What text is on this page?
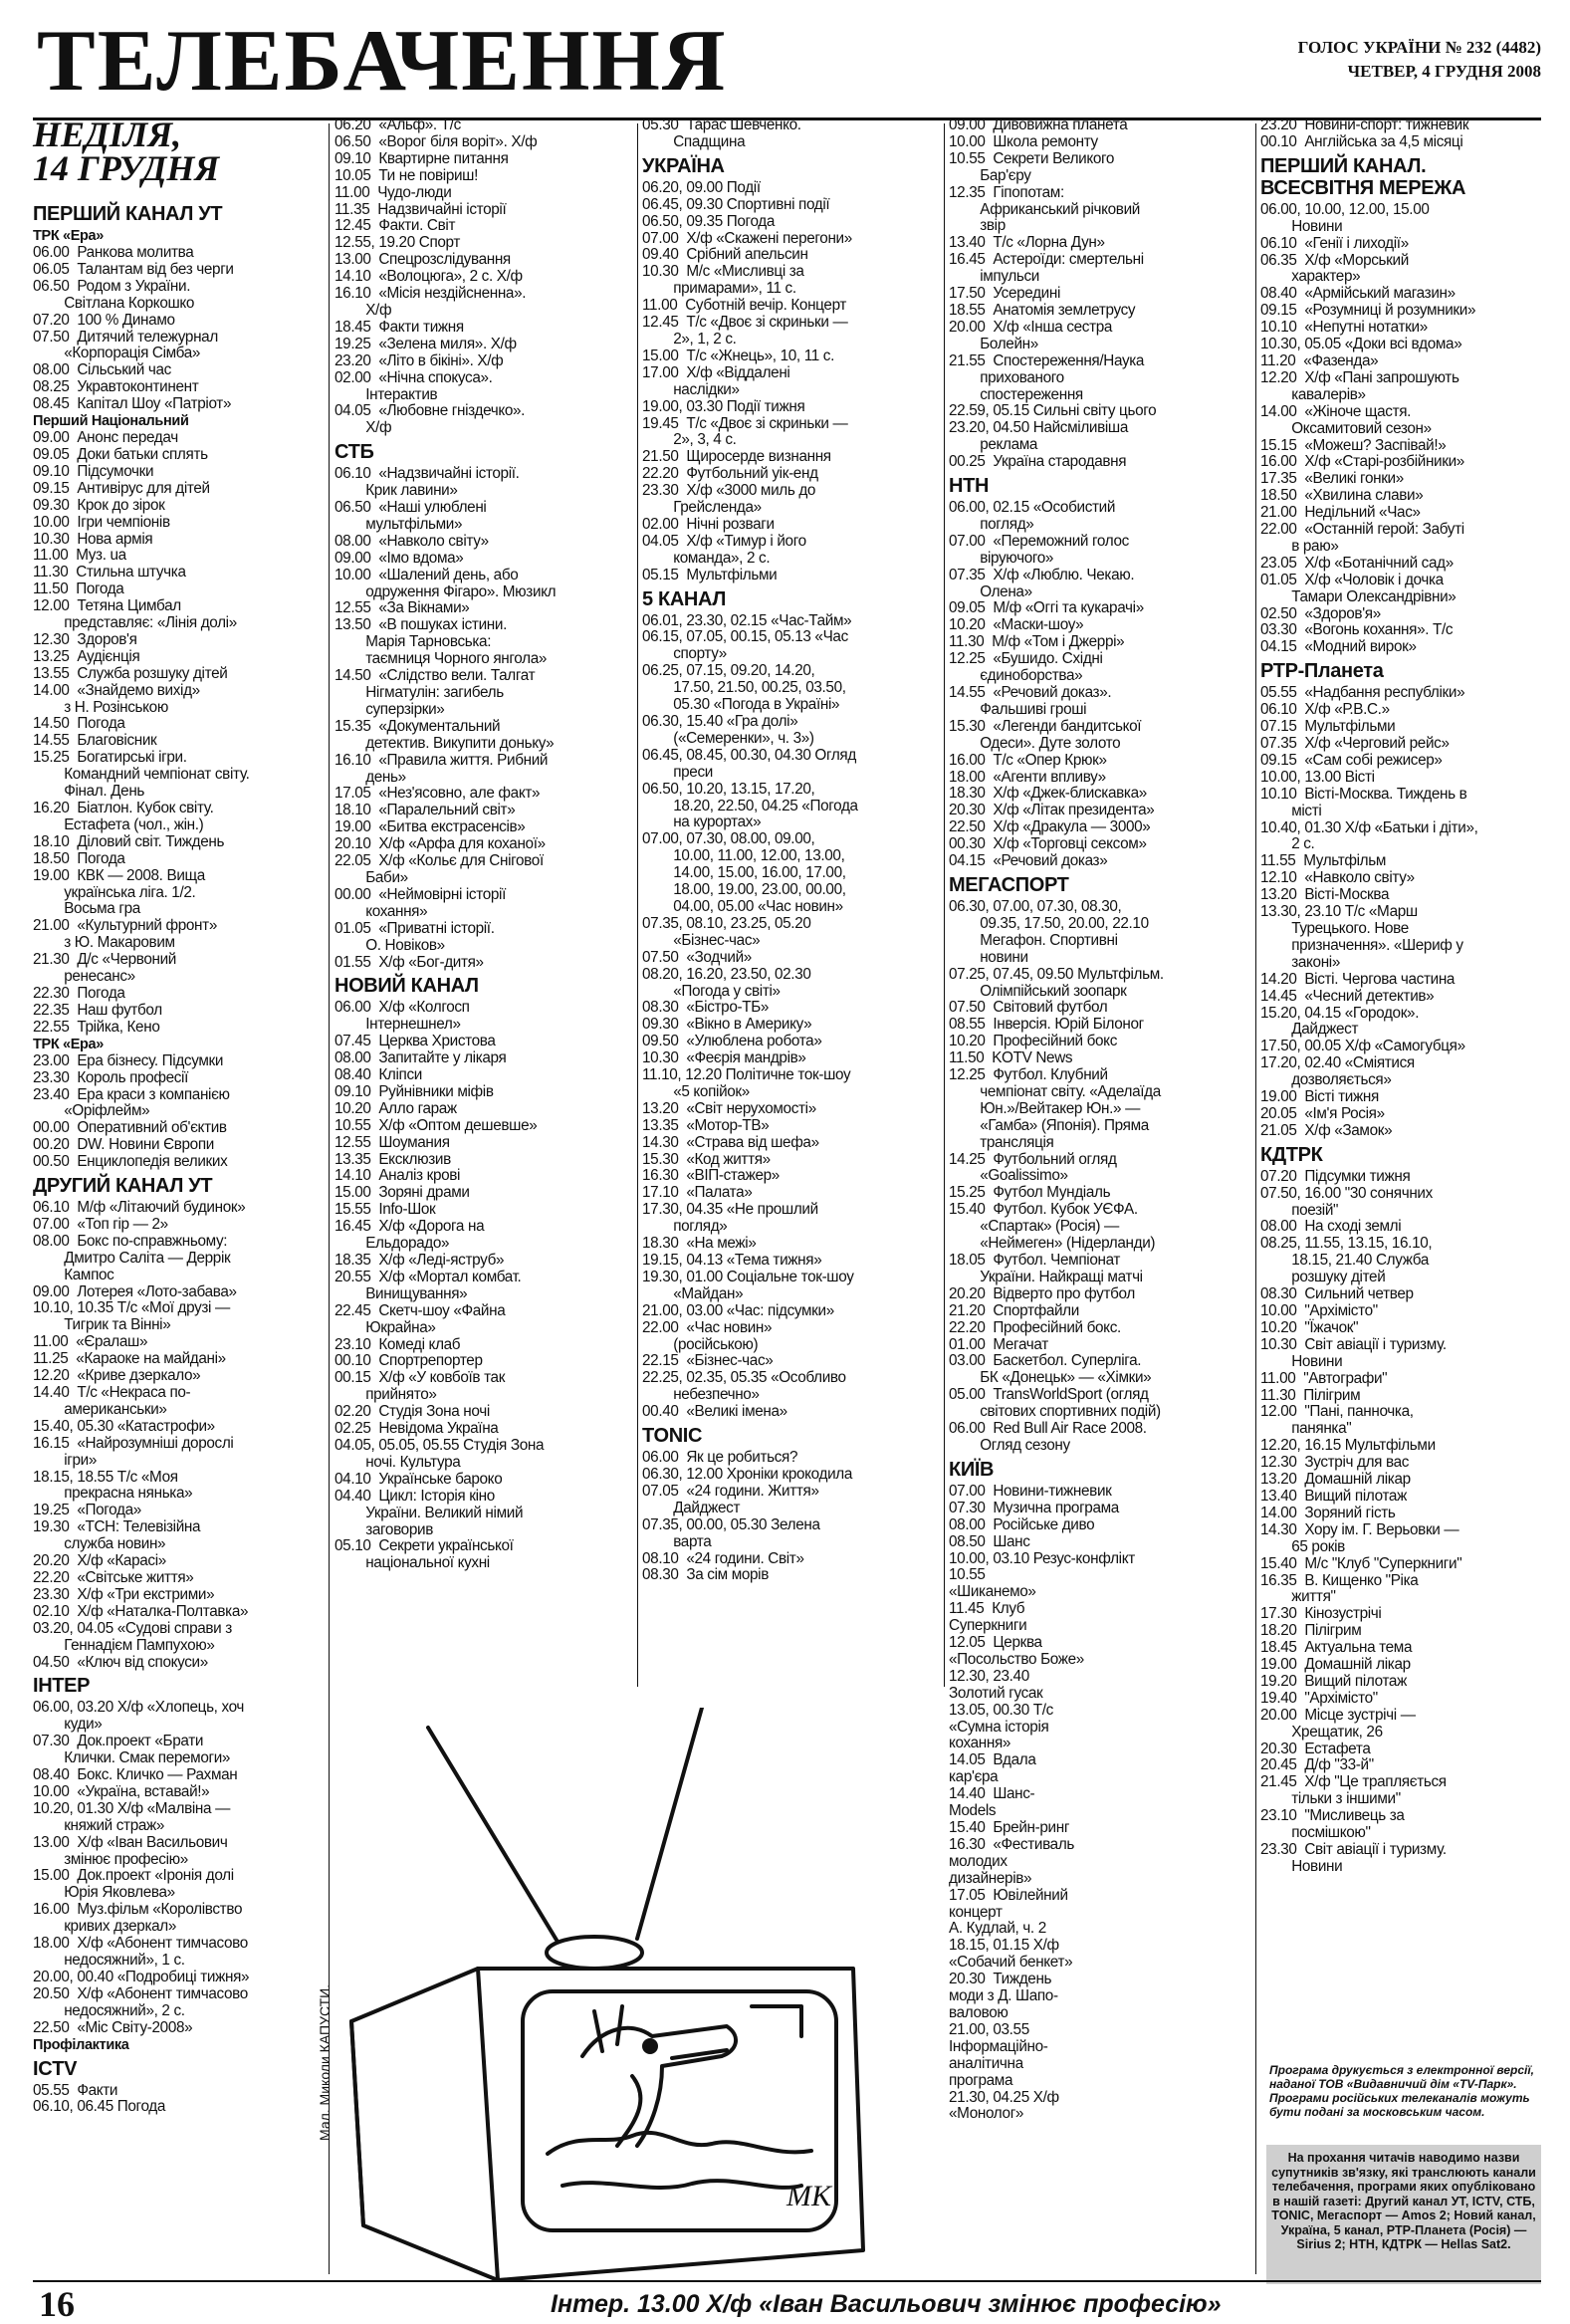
ТЕЛЕБАЧЕННЯ	ГОЛОС УКРАЇНИ № 232 (4482)
ЧЕТВЕР, 4 ГРУДНЯ 2008
НЕДІЛЯ,
14 ГРУДНЯ
ПЕРШИЙ КАНАЛ УТ
ТРК «Ера»
06.00  Ранкова молитва
06.05  Талантам від без черги
06.50  Родом з України.
Світлана Коркошко
07.20  100 % Динамо
07.50  Дитячий тележурнал
«Корпорація Сімба»
08.00  Сільський час
08.25  Укравтоконтинент
08.45  Капітал Шоу «Патріот»
Перший Національний
09.00  Анонс передач
09.05  Доки батьки сплять
09.10  Підсумочки
09.15  Антивірус для дітей
09.30  Крок до зірок
10.00  Ігри чемпіонів
10.30  Нова армія
11.00  Муз. ua
11.30  Стильна штучка
11.50  Погода
12.00  Тетяна Цимбал
представляє: «Лінія долі»
12.30  Здоров'я
13.25  Аудієнція
13.55  Служба розшуку дітей
14.00  «Знайдемо вихід»
з Н. Розінською
14.50  Погода
14.55  Благовісник
15.25  Богатирські ігри.
Командний чемпіонат світу.
Фінал. День
16.20  Біатлон. Кубок світу.
Естафета (чол., жін.)
18.10  Діловий світ. Тиждень
18.50  Погода
19.00  КВК — 2008. Вища
українська ліга. 1/2.
Восьма гра
21.00  «Культурний фронт»
з Ю. Макаровим
21.30  Д/с «Червоний
ренесанс»
22.30  Погода
22.35  Наш футбол
22.55  Трійка, Кено
ТРК «Ера»
23.00  Ера бізнесу. Підсумки
23.30  Король професії
23.40  Ера краси з компанією
«Оріфлейм»
00.00  Оперативний об'єктив
00.20  DW. Новини Європи
00.50  Енциклопедія великих
ДРУГИЙ КАНАЛ УТ
06.10  М/ф «Літаючий будинок»
07.00  «Топ гір — 2»
08.00  Бокс по-справжньому:
Дмитро Саліта — Деррік
Кампос
09.00  Лотерея «Лото-забава»
10.10, 10.35 Т/с «Мої друзі —
Тигрик та Вінні»
11.00  «Єралаш»
11.25  «Караоке на майдані»
12.20  «Криве дзеркало»
14.40  Т/с «Некраса по-
американськи»
15.40, 05.30 «Катастрофи»
16.15  «Найрозумніші дорослі
ігри»
18.15, 18.55 Т/с «Моя
прекрасна нянька»
19.25  «Погода»
19.30  «ТСН: Телевізійна
служба новин»
20.20  Х/ф «Карасі»
22.20  «Світське життя»
23.30  Х/ф «Три екстрими»
02.10  Х/ф «Наталка-Полтавка»
03.20, 04.05 «Судові справи з
Геннадієм Пампухою»
04.50  «Ключ від спокуси»
ІНТЕР
06.00, 03.20 Х/ф «Хлопець, хоч
куди»
07.30  Док.проект «Брати
Клички. Смак перемоги»
08.40  Бокс. Кличко — Рахман
10.00  «Україна, вставай!»
10.20, 01.30 Х/ф «Малвіна —
княжий страж»
13.00  Х/ф «Іван Васильович
змінює професію»
15.00  Док.проект «Іронія долі
Юрія Яковлева»
16.00  Муз.фільм «Королівство
кривих дзеркал»
18.00  Х/ф «Абонент тимчасово
недосяжний», 1 с.
20.00, 00.40 «Подробиці тижня»
20.50  Х/ф «Абонент тимчасово
недосяжний», 2 с.
22.50  «Міс Світу-2008»
Профілактика
ICTV
05.55  Факти
06.10, 06.45 Погода
06.20  «Альф». Т/с
06.50  «Ворог біля воріт». Х/ф
09.10  Квартирне питання
10.05  Ти не повіриш!
11.00  Чудо-люди
11.35  Надзвичайні історії
12.45  Факти. Світ
12.55, 19.20 Спорт
13.00  Спецрозслідування
14.10  «Волоцюга», 2 с. Х/ф
16.10  «Місія нездійсненна».
Х/ф
18.45  Факти тижня
19.25  «Зелена миля». Х/ф
23.20  «Літо в бікіні». Х/ф
02.00  «Нічна спокуса».
Інтерактив
04.05  «Любовне гніздечко».
Х/ф
СТБ
06.10  «Надзвичайні історії.
Крик лавини»
06.50  «Наші улюблені
мультфільми»
08.00  «Навколо світу»
09.00  «Імо вдома»
10.00  «Шалений день, або
одруження Фігаро». Мюзикл
12.55  «За Вікнами»
13.50  «В пошуках істини.
Марія Тарновська:
таємниця Чорного янгола»
14.50  «Слідство вели. Талгат
Нігматулін: загибель
суперзірки»
15.35  «Документальний
детектив. Викупити доньку»
16.10  «Правила життя. Рибний
день»
17.05  «Нез'ясовно, але факт»
18.10  «Паралельний світ»
19.00  «Битва екстрасенсів»
20.10  Х/ф «Арфа для коханої»
22.05  Х/ф «Кольє для Снігової
Баби»
00.00  «Неймовірні історії
кохання»
01.05  «Приватні історії.
О. Новіков»
01.55  Х/ф «Бог-дитя»
НОВИЙ КАНАЛ
06.00  Х/ф «Колгосп
Інтернешнел»
07.45  Церква Христова
08.00  Запитайте у лікаря
08.40  Кліпси
09.10  Руйнівники міфів
10.20  Алло гараж
10.55  Х/ф «Оптом дешевше»
12.55  Шоумания
13.35  Ексклюзив
14.10  Аналіз крові
15.00  Зоряні драми
15.55  Info-Шок
16.45  Х/ф «Дорога на
Ельдорадо»
18.35  Х/ф «Леді-яструб»
20.55  Х/ф «Мортал комбат.
Винищування»
22.45  Скетч-шоу «Файна
Юкрайна»
23.10  Комеді клаб
00.10  Спортрепортер
00.15  Х/ф «У ковбоїв так
прийнято»
02.20  Студія Зона ночі
02.25  Невідома Україна
04.05, 05.05, 05.55 Студія Зона
ночі. Культура
04.10  Українське бароко
04.40  Цикл: Історія кіно
України. Великий німий
заговорив
05.10  Секрети української
національної кухні
05.30  Тарас Шевченко.
Спадщина
УКРАЇНА
06.20, 09.00 Події
06.45, 09.30 Спортивні події
06.50, 09.35 Погода
07.00  Х/ф «Скажені перегони»
09.40  Срібний апельсин
10.30  М/с «Мисливці за
примарами», 11 с.
11.00  Суботній вечір. Концерт
12.45  Т/с «Двоє зі скриньки —
2», 1, 2 с.
15.00  Т/с «Жнець», 10, 11 с.
17.00  Х/ф «Віддалені
наслідки»
19.00, 03.30 Події тижня
19.45  Т/с «Двоє зі скриньки —
2», 3, 4 с.
21.50  Щиросерде визнання
22.20  Футбольний уік-енд
23.30  Х/ф «3000 миль до
Грейсленда»
02.00  Нічні розваги
04.05  Х/ф «Тимур і його
команда», 2 с.
05.15  Мультфільми
5 КАНАЛ
06.01, 23.30, 02.15 «Час-Тайм»
06.15, 07.05, 00.15, 05.13 «Час
спорту»
06.25, 07.15, 09.20, 14.20,
17.50, 21.50, 00.25, 03.50,
05.30 «Погода в Україні»
06.30, 15.40 «Гра долі»
(«Семеренки», ч. 3»)
06.45, 08.45, 00.30, 04.30 Огляд
преси
06.50, 10.20, 13.15, 17.20,
18.20, 22.50, 04.25 «Погода
на курортах»
07.00, 07.30, 08.00, 09.00,
10.00, 11.00, 12.00, 13.00,
14.00, 15.00, 16.00, 17.00,
18.00, 19.00, 23.00, 00.00,
04.00, 05.00 «Час новин»
07.35, 08.10, 23.25, 05.20
«Бізнес-час»
07.50  «Зодчий»
08.20, 16.20, 23.50, 02.30
«Погода у світі»
08.30  «Бістро-ТБ»
09.30  «Вікно в Америку»
09.50  «Улюблена робота»
10.30  «Феєрія мандрів»
11.10, 12.20 Політичне ток-шоу
«5 копійок»
13.20  «Світ нерухомості»
13.35  «Мотор-ТВ»
14.30  «Страва від шефа»
15.30  «Код життя»
16.30  «ВІП-стажер»
17.10  «Палата»
17.30, 04.35 «Не прошлий
погляд»
18.30  «На межі»
19.15, 04.13 «Тема тижня»
19.30, 01.00 Соціальне ток-шоу
«Майдан»
21.00, 03.00 «Час: підсумки»
22.00  «Час новин»
(російською)
22.15  «Бізнес-час»
22.25, 02.35, 05.35 «Особливо
небезпечно»
00.40  «Великі імена»
TONIC
06.00  Як це робиться?
06.30, 12.00 Хроніки крокодила
07.05  «24 години. Життя»
Дайджест
07.35, 00.00, 05.30 Зелена
варта
08.10  «24 години. Світ»
08.30  За сім морів
09.00  Дивовижна планета
10.00  Школа ремонту
10.55  Секрети Великого
Бар'єру
12.35  Гіпопотам:
Африканський річковий
звір
13.40  Т/с «Лорна Дун»
16.45  Астероїди: смертельні
імпульси
17.50  Усередині
18.55  Анатомія землетрусу
20.00  Х/ф «Інша сестра
Болейн»
21.55  Спостереження/Наука
прихованого
спостереження
22.59, 05.15 Сильні світу цього
23.20, 04.50 Найсміливіша
реклама
00.25  Україна стародавня
НТН
06.00, 02.15 «Особистий
погляд»
07.00  «Переможний голос
віруючого»
07.35  Х/ф «Люблю. Чекаю.
Олена»
09.05  М/ф «Оггі та кукарачі»
10.20  «Маски-шоу»
11.30  М/ф «Том і Джеррі»
12.25  «Бушидо. Східні
єдиноборства»
14.55  «Речовий доказ».
Фальшиві гроші
15.30  «Легенди бандитської
Одеси». Дуте золото
16.00  Т/с «Опер Крюк»
18.00  «Агенти впливу»
18.30  Х/ф «Джек-блискавка»
20.30  Х/ф «Літак президента»
22.50  Х/ф «Дракула — 3000»
00.30  Х/ф «Торговці сексом»
04.15  «Речовий доказ»
МЕГАСПОРТ
06.30, 07.00, 07.30, 08.30,
09.35, 17.50, 20.00, 22.10
Мегафон. Спортивні
новини
07.25, 07.45, 09.50 Мультфільм.
Олімпійський зоопарк
07.50  Світовий футбол
08.55  Інверсія. Юрій Білоног
10.20  Професійний бокс
11.50  KOTV News
12.25  Футбол. Клубний
чемпіонат світу. «Аделаїда
Юн.»/Вейтакер Юн.» —
«Гамба» (Японія). Пряма
трансляція
14.25  Футбольний огляд
«Goalissimo»
15.25  Футбол Мундіаль
15.40  Футбол. Кубок УЄФА.
«Спартак» (Росія) —
«Неймеген» (Нідерланди)
18.05  Футбол. Чемпіонат
України. Найкращі матчі
20.20  Відверто про футбол
21.20  Спортфайли
22.20  Професійний бокс.
01.00  Мегачат
03.00  Баскетбол. Суперліга.
БК «Донецьк» — «Хімки»
05.00  TransWorldSport (огляд
світових спортивних подій)
06.00  Red Bull Air Race 2008.
Огляд сезону
КИЇВ
07.00  Новини-тижневик
07.30  Музична програма
08.00  Російське диво
08.50  Шанс
10.00, 03.10 Резус-конфлікт
10.55
«Шиканемо»
11.45  Клуб
Суперкниги
12.05  Церква
«Посольство Боже»
12.30, 23.40
Золотий гусак
13.05, 00.30 Т/с
«Сумна історія
кохання»
14.05  Вдала
кар'єра
14.40  Шанс-
Models
15.40  Брейн-ринг
16.30  «Фестиваль
молодих
дизайнерів»
17.05  Ювілейний
концерт
А. Кудлай, ч. 2
18.15, 01.15 Х/ф
«Собачий бенкет»
20.30  Тиждень
моди з Д. Шапо-
валовою
21.00, 03.55
Інформаційно-
аналітична
програма
21.30, 04.25 Х/ф
«Монолог»
23.20  Новини-спорт: тижневик
00.10  Англійська за 4,5 місяці
ПЕРШИЙ КАНАЛ.
ВСЕСВІТНЯ МЕРЕЖА
06.00, 10.00, 12.00, 15.00
Новини
06.10  «Генії і лиходії»
06.35  Х/ф «Морський
характер»
08.40  «Армійський магазин»
09.15  «Розумниці й розумники»
10.10  «Непутні нотатки»
10.30, 05.05 «Доки всі вдома»
11.20  «Фазенда»
12.20  Х/ф «Пані запрошують
кавалерів»
14.00  «Жіноче щастя.
Оксамитовий сезон»
15.15  «Можеш? Заспівай!»
16.00  Х/ф «Старі-розбійники»
17.35  «Великі гонки»
18.50  «Хвилина слави»
21.00  Недільний «Час»
22.00  «Останній герой: Забуті
в раю»
23.05  Х/ф «Ботанічний сад»
01.05  Х/ф «Чоловік і дочка
Тамари Олександрівни»
02.50  «Здоров'я»
03.30  «Вогонь кохання». Т/с
04.15  «Модний вирок»
РТР-Планета
05.55  «Надбання республіки»
06.10  Х/ф «Р.В.С.»
07.15  Мультфільми
07.35  Х/ф «Черговий рейс»
09.15  «Сам собі режисер»
10.00, 13.00 Вісті
10.10  Вісті-Москва. Тиждень в
місті
10.40, 01.30 Х/ф «Батьки і діти»,
2 с.
11.55  Мультфільм
12.10  «Навколо світу»
13.20  Вісті-Москва
13.30, 23.10 Т/с «Марш
Турецького. Нове
призначення». «Шериф у
законі»
14.20  Вісті. Чергова частина
14.45  «Чесний детектив»
15.20, 04.15 «Городок».
Дайджест
17.50, 00.05 Х/ф «Самогубця»
17.20, 02.40 «Сміятися
дозволяється»
19.00  Вісті тижня
20.05  «Ім'я Росія»
21.05  Х/ф «Замок»
КДТРК
07.20  Підсумки тижня
07.50, 16.00 "30 сонячних
поезій"
08.00  На сході землі
08.25, 11.55, 13.15, 16.10,
18.15, 21.40 Служба
розшуку дітей
08.30  Сильний четвер
10.00  "Архімісто"
10.20  "Їжачок"
10.30  Світ авіації і туризму.
Новини
11.00  "Автографи"
11.30  Пілігрим
12.00  "Пані, панночка,
панянка"
12.20, 16.15 Мультфільми
12.30  Зустріч для вас
13.20  Домашній лікар
13.40  Вищий пілотаж
14.00  Зоряний гість
14.30  Хору ім. Г. Верьовки —
65 років
15.40  М/с "Клуб "Суперкниги"
16.35  В. Кищенко "Ріка
життя"
17.30  Кінозустрічі
18.20  Пілігрим
18.45  Актуальна тема
19.00  Домашній лікар
19.20  Вищий пілотаж
19.40  "Архімісто"
20.00  Місце зустрічі —
Хрещатик, 26
20.30  Естафета
20.45  Д/ф "33-й"
21.45  Х/ф "Це трапляється
тільки з іншими"
23.10  "Мисливець за
посмішкою"
23.30  Світ авіації і туризму.
Новини
МК
Мал. Миколи КАПУСТИ.	Програма друкується з електронної версії, наданої ТОВ «Видавничий дім «TV-Парк». Програми російських телеканалів можуть бути подані за московським часом.
На прохання читачів наводимо назви супутників зв'язку, які транслюють канали телебачення, програми яких опубліковано в нашій газеті: Другий канал УТ, ICTV, СТБ, TONIC, Мегаспорт — Amos 2; Новий канал, Україна, 5 канал, РТР-Планета (Росія) — Sirius 2; НТН, КДТРК — Hellas Sat2.
16	Інтер. 13.00 Х/ф «Іван Васильович змінює професію»
